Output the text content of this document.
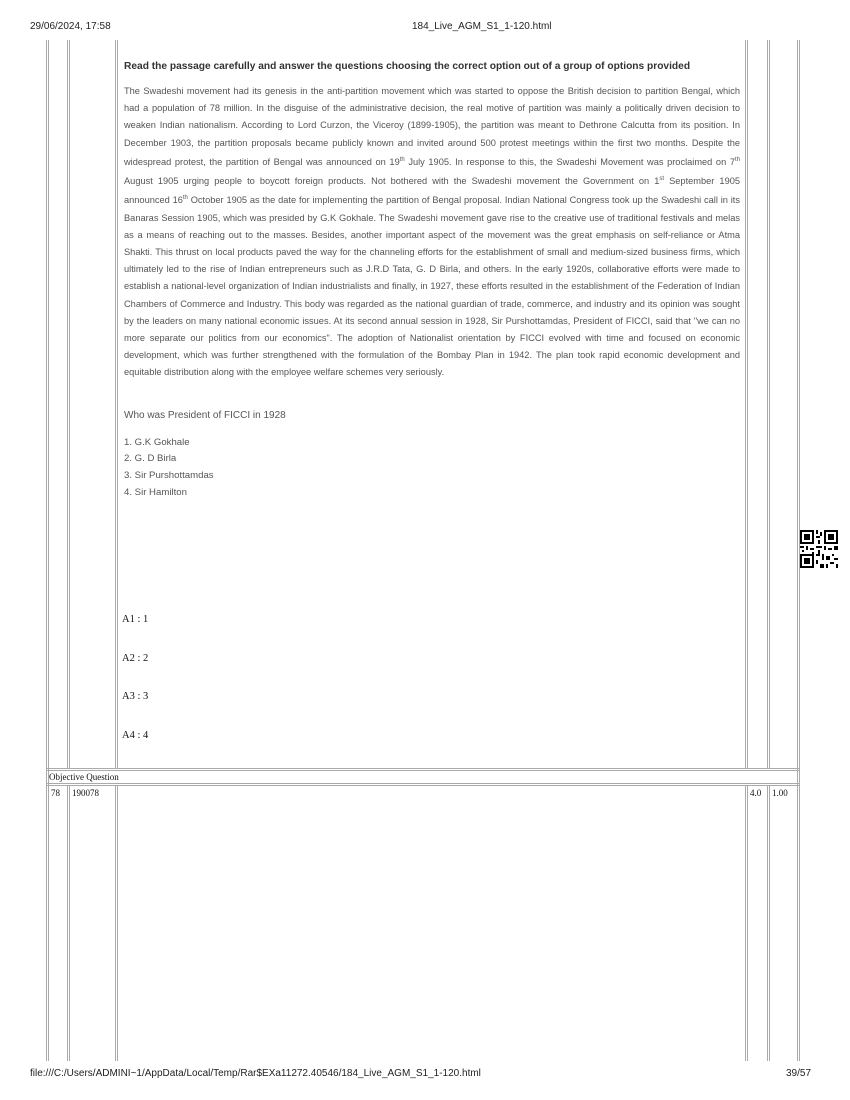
29/06/2024, 17:58	184_Live_AGM_S1_1-120.html
file:///C:/Users/ADMINI~1/AppData/Local/Temp/Rar$EXa11272.40546/184_Live_AGM_S1_1-120.html	39/57

Read the passage carefully and answer the questions choosing the correct option out of a group of options provided

The Swadeshi movement had its genesis in the anti-partition movement which was started to oppose the British decision to partition Bengal, which had a population of 78 million. In the disguise of the administrative decision, the real motive of partition was mainly a politically driven decision to weaken Indian nationalism. According to Lord Curzon, the Viceroy (1899-1905), the partition was meant to Dethrone Calcutta from its position. In December 1903, the partition proposals became publicly known and invited around 500 protest meetings within the first two months. Despite the widespread protest, the partition of Bengal was announced on 19th July 1905. In response to this, the Swadeshi Movement was proclaimed on 7th August 1905 urging people to boycott foreign products. Not bothered with the Swadeshi movement the Government on 1st September 1905 announced 16th October 1905 as the date for implementing the partition of Bengal proposal. Indian National Congress took up the Swadeshi call in its Banaras Session 1905, which was presided by G.K Gokhale. The Swadeshi movement gave rise to the creative use of traditional festivals and melas as a means of reaching out to the masses. Besides, another important aspect of the movement was the great emphasis on self-reliance or Atma Shakti. This thrust on local products paved the way for the channeling efforts for the establishment of small and medium-sized business firms, which ultimately led to the rise of Indian entrepreneurs such as J.R.D Tata, G. D Birla, and others. In the early 1920s, collaborative efforts were made to establish a national-level organization of Indian industrialists and finally, in 1927, these efforts resulted in the establishment of the Federation of Indian Chambers of Commerce and Industry. This body was regarded as the national guardian of trade, commerce, and industry and its opinion was sought by the leaders on many national economic issues. At its second annual session in 1928, Sir Purshottamdas, President of FICCI, said that "we can no more separate our politics from our economics". The adoption of Nationalist orientation by FICCI evolved with time and focused on economic development, which was further strengthened with the formulation of the Bombay Plan in 1942. The plan took rapid economic development and equitable distribution along with the employee welfare schemes very seriously.

Who was President of FICCI in 1928

1. G.K Gokhale
2. G. D Birla
3. Sir Purshottamdas
4. Sir Hamilton
A1 : 1
A2 : 2
A3 : 3
A4 : 4
Objective Question
78 190078	4.0 1.00
